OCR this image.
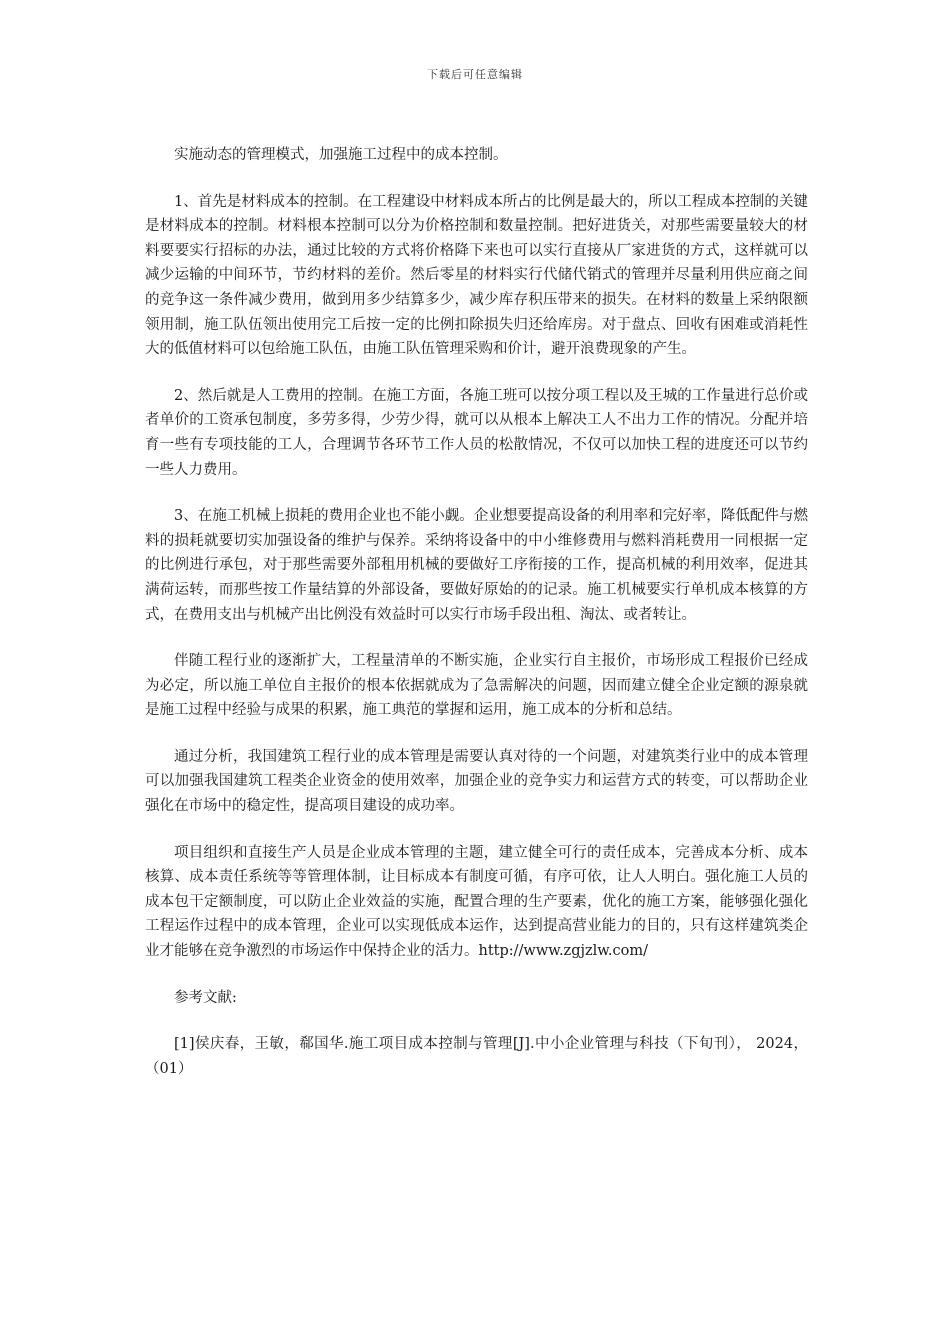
下载后可任意编辑

实施动态的管理模式，加强施工过程中的成本控制。

1、首先是材料成本的控制。在工程建设中材料成本所占的比例是最大的，所以工程成本控制的关键是材料成本的控制。材料根本控制可以分为价格控制和数量控制。把好进货关，对那些需要量较大的材料要要实行招标的办法，通过比较的方式将价格降下来也可以实行直接从厂家进货的方式，这样就可以减少运输的中间环节，节约材料的差价。然后零星的材料实行代储代销式的管理并尽量利用供应商之间的竞争这一条件减少费用，做到用多少结算多少，减少库存积压带来的损失。在材料的数量上采纳限额领用制，施工队伍领出使用完工后按一定的比例扣除损失归还给库房。对于盘点、回收有困难或消耗性大的低值材料可以包给施工队伍，由施工队伍管理采购和价计，避开浪费现象的产生。

2、然后就是人工费用的控制。在施工方面，各施工班可以按分项工程以及王城的工作量进行总价或者单价的工资承包制度，多劳多得，少劳少得，就可以从根本上解决工人不出力工作的情况。分配并培育一些有专项技能的工人，合理调节各环节工作人员的松散情况，不仅可以加快工程的进度还可以节约一些人力费用。

3、在施工机械上损耗的费用企业也不能小觑。企业想要提高设备的利用率和完好率，降低配件与燃料的损耗就要切实加强设备的维护与保养。采纳将设备中的中小维修费用与燃料消耗费用一同根据一定的比例进行承包，对于那些需要外部租用机械的要做好工序衔接的工作，提高机械的利用效率，促进其满荷运转，而那些按工作量结算的外部设备，要做好原始的的记录。施工机械要实行单机成本核算的方式，在费用支出与机械产出比例没有效益时可以实行市场手段出租、淘汰、或者转让。

伴随工程行业的逐渐扩大，工程量清单的不断实施，企业实行自主报价，市场形成工程报价已经成为必定，所以施工单位自主报价的根本依据就成为了急需解决的问题，因而建立健全企业定额的源泉就是施工过程中经验与成果的积累，施工典范的掌握和运用，施工成本的分析和总结。

通过分析，我国建筑工程行业的成本管理是需要认真对待的一个问题，对建筑类行业中的成本管理可以加强我国建筑工程类企业资金的使用效率，加强企业的竞争实力和运营方式的转变，可以帮助企业强化在市场中的稳定性，提高项目建设的成功率。

项目组织和直接生产人员是企业成本管理的主题，建立健全可行的责任成本，完善成本分析、成本核算、成本责任系统等等管理体制，让目标成本有制度可循，有序可依，让人人明白。强化施工人员的成本包干定额制度，可以防止企业效益的实施，配置合理的生产要素，优化的施工方案，能够强化强化工程运作过程中的成本管理，企业可以实现低成本运作，达到提高营业能力的目的，只有这样建筑类企业才能够在竞争激烈的市场运作中保持企业的活力。http://www.zgjzlw.com/

参考文献:

[1]侯庆春，王敏，郗国华.施工项目成本控制与管理[J].中小企业管理与科技（下旬刊）， 2024，（01）
